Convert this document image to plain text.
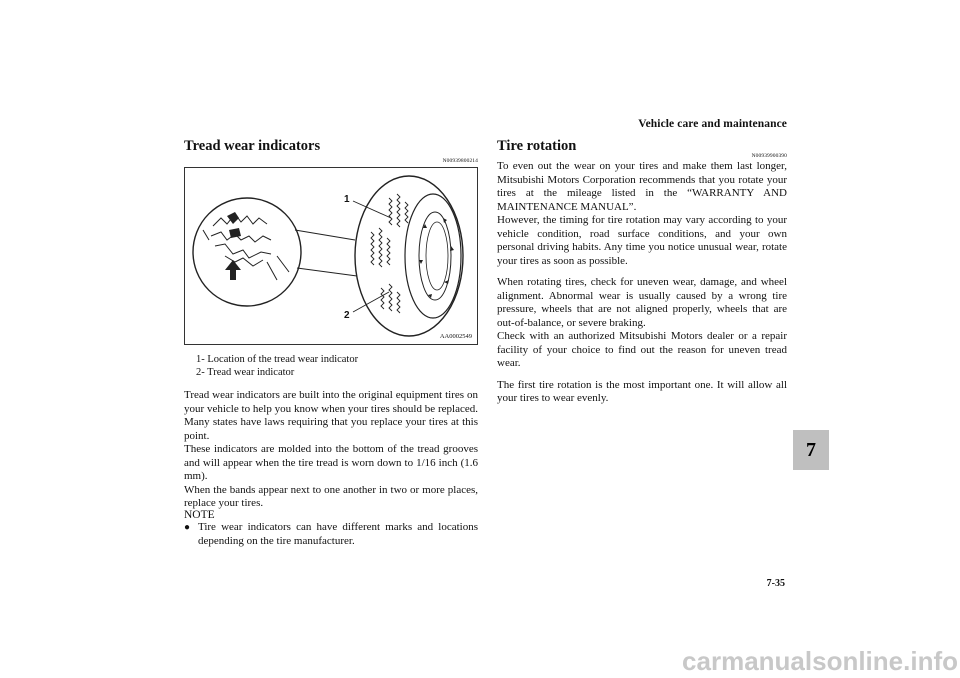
Vehicle care and maintenance
7
7-35
Tread wear indicators
N00939800214
1
2
AA0002549
1- Location of the tread wear indicator
2- Tread wear indicator

Tread wear indicators are built into the original equipment tires on your vehicle to help you know when your tires should be replaced. Many states have laws requiring that you replace your tires at this point.

These indicators are molded into the bottom of the tread grooves and will appear when the tire tread is worn down to 1/16 inch (1.6 mm).

When the bands appear next to one another in two or more places, replace your tires.

NOTE
● Tire wear indicators can have different marks and locations depending on the tire manufacturer.
Tire rotation
N00939900390

To even out the wear on your tires and make them last longer, Mitsubishi Motors Corporation recommends that you rotate your tires at the mileage listed in the “WARRANTY AND MAINTENANCE MANUAL”.

However, the timing for tire rotation may vary according to your vehicle condition, road surface conditions, and your own personal driving habits. Any time you notice unusual wear, rotate your tires as soon as possible.

When rotating tires, check for uneven wear, damage, and wheel alignment. Abnormal wear is usually caused by a wrong tire pressure, wheels that are not aligned properly, wheels that are out-of-balance, or severe braking.

Check with an authorized Mitsubishi Motors dealer or a repair facility of your choice to find out the reason for uneven tread wear.

The first tire rotation is the most important one. It will allow all your tires to wear evenly.

carmanualsonline.info
